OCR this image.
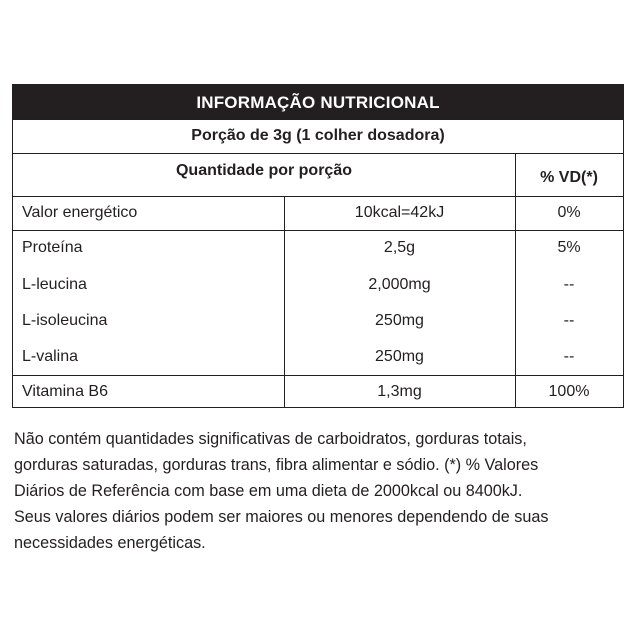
INFORMAÇÃO NUTRICIONAL
Porção de 3g (1 colher dosadora)
Quantidade por porção	% VD(*)
Valor energético	10kcal=42kJ	0%
Proteína	2,5g	5%
L-leucina	2,000mg	--
L-isoleucina	250mg	--
L-valina	250mg	--
Vitamina B6	1,3mg	100%
Não contém quantidades significativas de carboidratos, gorduras totais,
gorduras saturadas, gorduras trans, fibra alimentar e sódio. (*) % Valores
Diários de Referência com base em uma dieta de 2000kcal ou 8400kJ.
Seus valores diários podem ser maiores ou menores dependendo de suas
necessidades energéticas.
